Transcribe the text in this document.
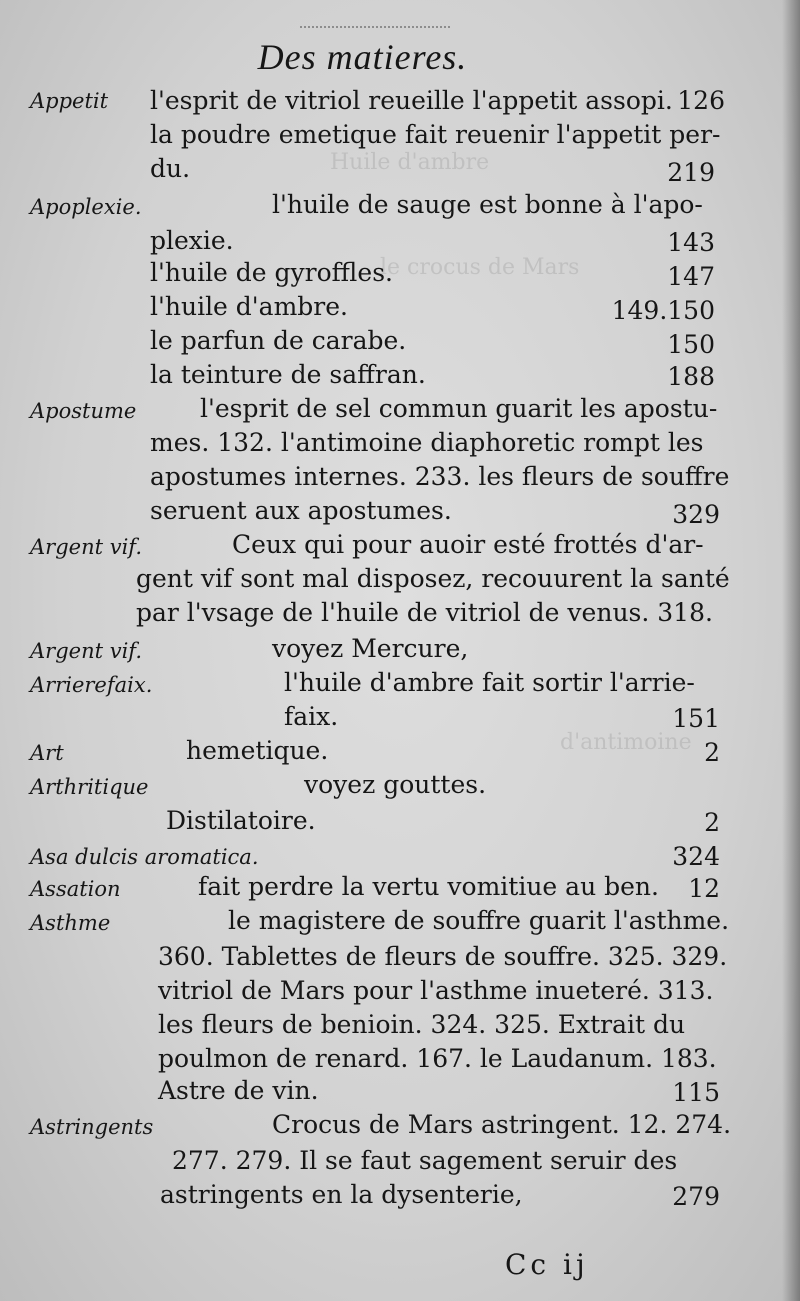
Huile d'ambre
le crocus de Mars
d'antimoine
Des matieres.
Appetit l'esprit de vitriol reueille l'appetit assopi. 126
la poudre emetique fait reuenir l'appetit per-
du.	219
Apoplexie.	l'huile de sauge est bonne à l'apo-
plexie.	143
l'huile de gyroffles.	147
l'huile d'ambre.	149.150
le parfun de carabe.	150
la teinture de saffran.	188
Apostume	l'esprit de sel commun guarit les apostu-
mes. 132. l'antimoine diaphoretic rompt les
apostumes internes. 233. les fleurs de souffre
seruent aux apostumes.	329
Argent vif.	Ceux qui pour auoir esté frottés d'ar-
gent vif sont mal disposez, recouurent la santé
par l'vsage de l'huile de vitriol de venus. 318.
Argent vif.	voyez Mercure,
Arrierefaix.	l'huile d'ambre fait sortir l'arrie-
faix.	151
Art	hemetique.	2
Arthritique	voyez gouttes.
Distilatoire.	2
Asa dulcis aromatica.	324
Assation	fait perdre la vertu vomitiue au ben. 12
Asthme	le magistere de souffre guarit l'asthme.
360. Tablettes de fleurs de souffre. 325. 329.
vitriol de Mars pour l'asthme inueteré. 313.
les fleurs de benioin. 324. 325. Extrait du
poulmon de renard. 167. le Laudanum. 183.
Astre de vin.	115
Astringents	Crocus de Mars astringent. 12. 274.
277. 279. Il se faut sagement seruir des
astringents en la dysenterie,	279
Cc ij
